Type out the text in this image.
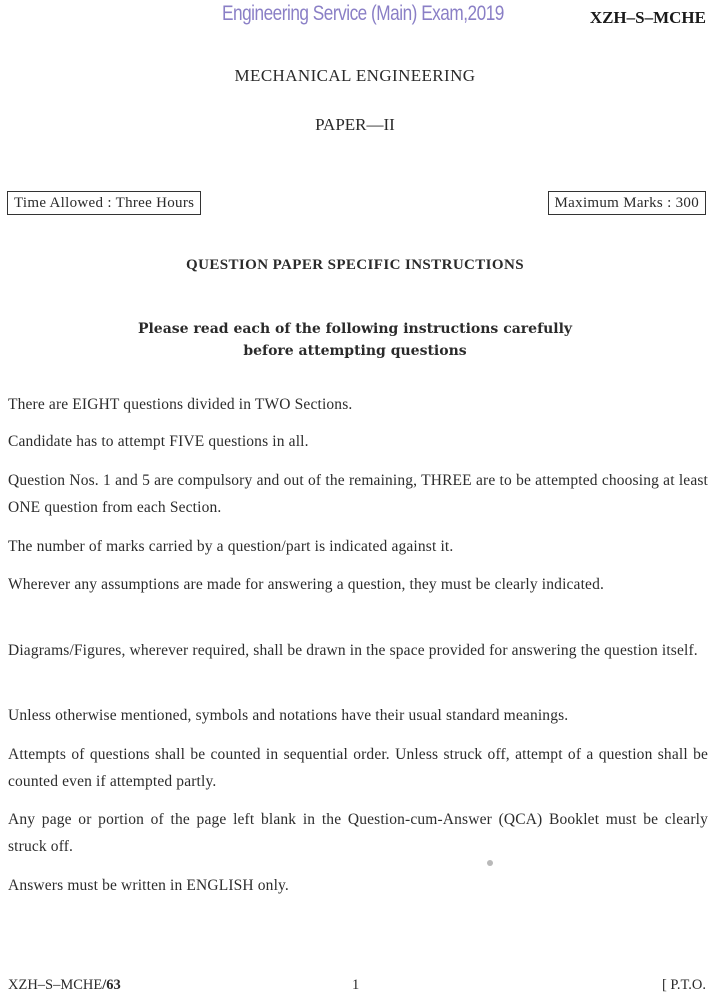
Engineering Service (Main) Exam,2019	XZH–S–MCHE
MECHANICAL ENGINEERING
PAPER—II
Time Allowed : Three Hours	Maximum Marks : 300
QUESTION PAPER SPECIFIC INSTRUCTIONS
Please read each of the following instructions carefully
before attempting questions
There are EIGHT questions divided in TWO Sections.
Candidate has to attempt FIVE questions in all.
Question Nos. 1 and 5 are compulsory and out of the remaining, THREE are to be attempted choosing at least ONE question from each Section.
The number of marks carried by a question/part is indicated against it.
Wherever any assumptions are made for answering a question, they must be clearly indicated.
Diagrams/Figures, wherever required, shall be drawn in the space provided for answering the question itself.
Unless otherwise mentioned, symbols and notations have their usual standard meanings.
Attempts of questions shall be counted in sequential order. Unless struck off, attempt of a question shall be counted even if attempted partly.
Any page or portion of the page left blank in the Question-cum-Answer (QCA) Booklet must be clearly struck off.
Answers must be written in ENGLISH only.
XZH–S–MCHE/63	1	[ P.T.O.
